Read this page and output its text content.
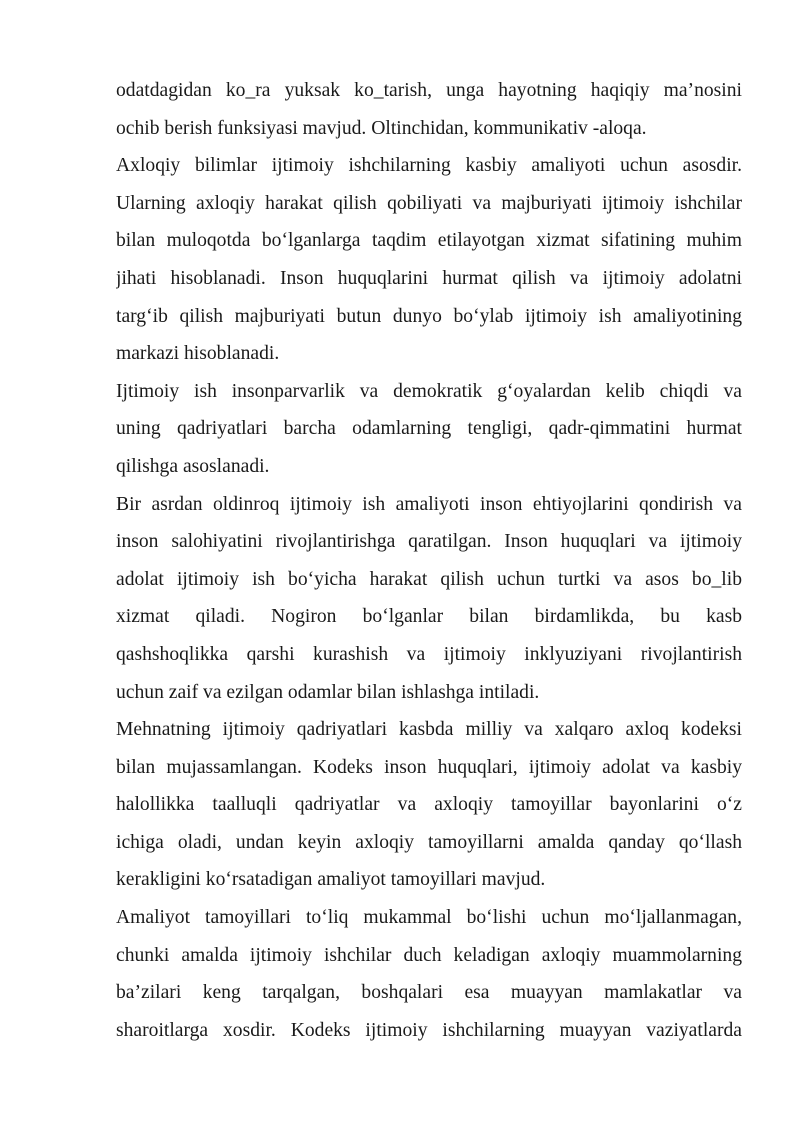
odatdagidan ko_ra yuksak ko_tarish, unga hayotning haqiqiy ma’nosini
ochib berish funksiyasi mavjud. Oltinchidan, kommunikativ -aloqa.
Axloqiy bilimlar ijtimoiy ishchilarning kasbiy amaliyoti uchun asosdir.
Ularning axloqiy harakat qilish qobiliyati va majburiyati ijtimoiy ishchilar
bilan muloqotda bo‘lganlarga taqdim etilayotgan xizmat sifatining muhim
jihati hisoblanadi. Inson huquqlarini hurmat qilish va ijtimoiy adolatni
targ‘ib qilish majburiyati butun dunyo bo‘ylab ijtimoiy ish amaliyotining
markazi hisoblanadi.
Ijtimoiy ish insonparvarlik va demokratik g‘oyalardan kelib chiqdi va
uning qadriyatlari barcha odamlarning tengligi, qadr-qimmatini hurmat
qilishga asoslanadi.
Bir asrdan oldinroq ijtimoiy ish amaliyoti inson ehtiyojlarini qondirish va
inson salohiyatini rivojlantirishga qaratilgan. Inson huquqlari va ijtimoiy
adolat ijtimoiy ish bo‘yicha harakat qilish uchun turtki va asos bo_lib
xizmat qiladi. Nogiron bo‘lganlar bilan birdamlikda, bu kasb
qashshoqlikka qarshi kurashish va ijtimoiy inklyuziyani rivojlantirish
uchun zaif va ezilgan odamlar bilan ishlashga intiladi.
Mehnatning ijtimoiy qadriyatlari kasbda milliy va xalqaro axloq kodeksi
bilan mujassamlangan. Kodeks inson huquqlari, ijtimoiy adolat va kasbiy
halollikka taalluqli qadriyatlar va axloqiy tamoyillar bayonlarini o‘z
ichiga oladi, undan keyin axloqiy tamoyillarni amalda qanday qo‘llash
kerakligini ko‘rsatadigan amaliyot tamoyillari mavjud.
Amaliyot tamoyillari to‘liq mukammal bo‘lishi uchun mo‘ljallanmagan,
chunki amalda ijtimoiy ishchilar duch keladigan axloqiy muammolarning
ba’zilari keng tarqalgan, boshqalari esa muayyan mamlakatlar va
sharoitlarga xosdir. Kodeks ijtimoiy ishchilarning muayyan vaziyatlarda
